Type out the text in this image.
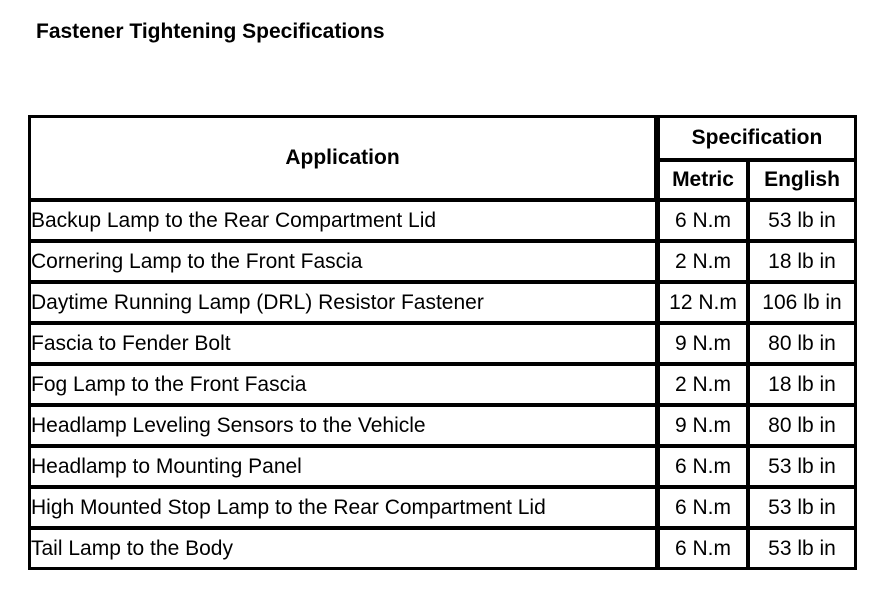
Fastener Tightening Specifications
Application	Specification	
	Metric	English
Backup Lamp to the Rear Compartment Lid	6 N.m	53 lb in
Cornering Lamp to the Front Fascia	2 N.m	18 lb in
Daytime Running Lamp (DRL) Resistor Fastener	12 N.m	106 lb in
Fascia to Fender Bolt	9 N.m	80 lb in
Fog Lamp to the Front Fascia	2 N.m	18 lb in
Headlamp Leveling Sensors to the Vehicle	9 N.m	80 lb in
Headlamp to Mounting Panel	6 N.m	53 lb in
High Mounted Stop Lamp to the Rear Compartment Lid	6 N.m	53 lb in
Tail Lamp to the Body	6 N.m	53 lb in
